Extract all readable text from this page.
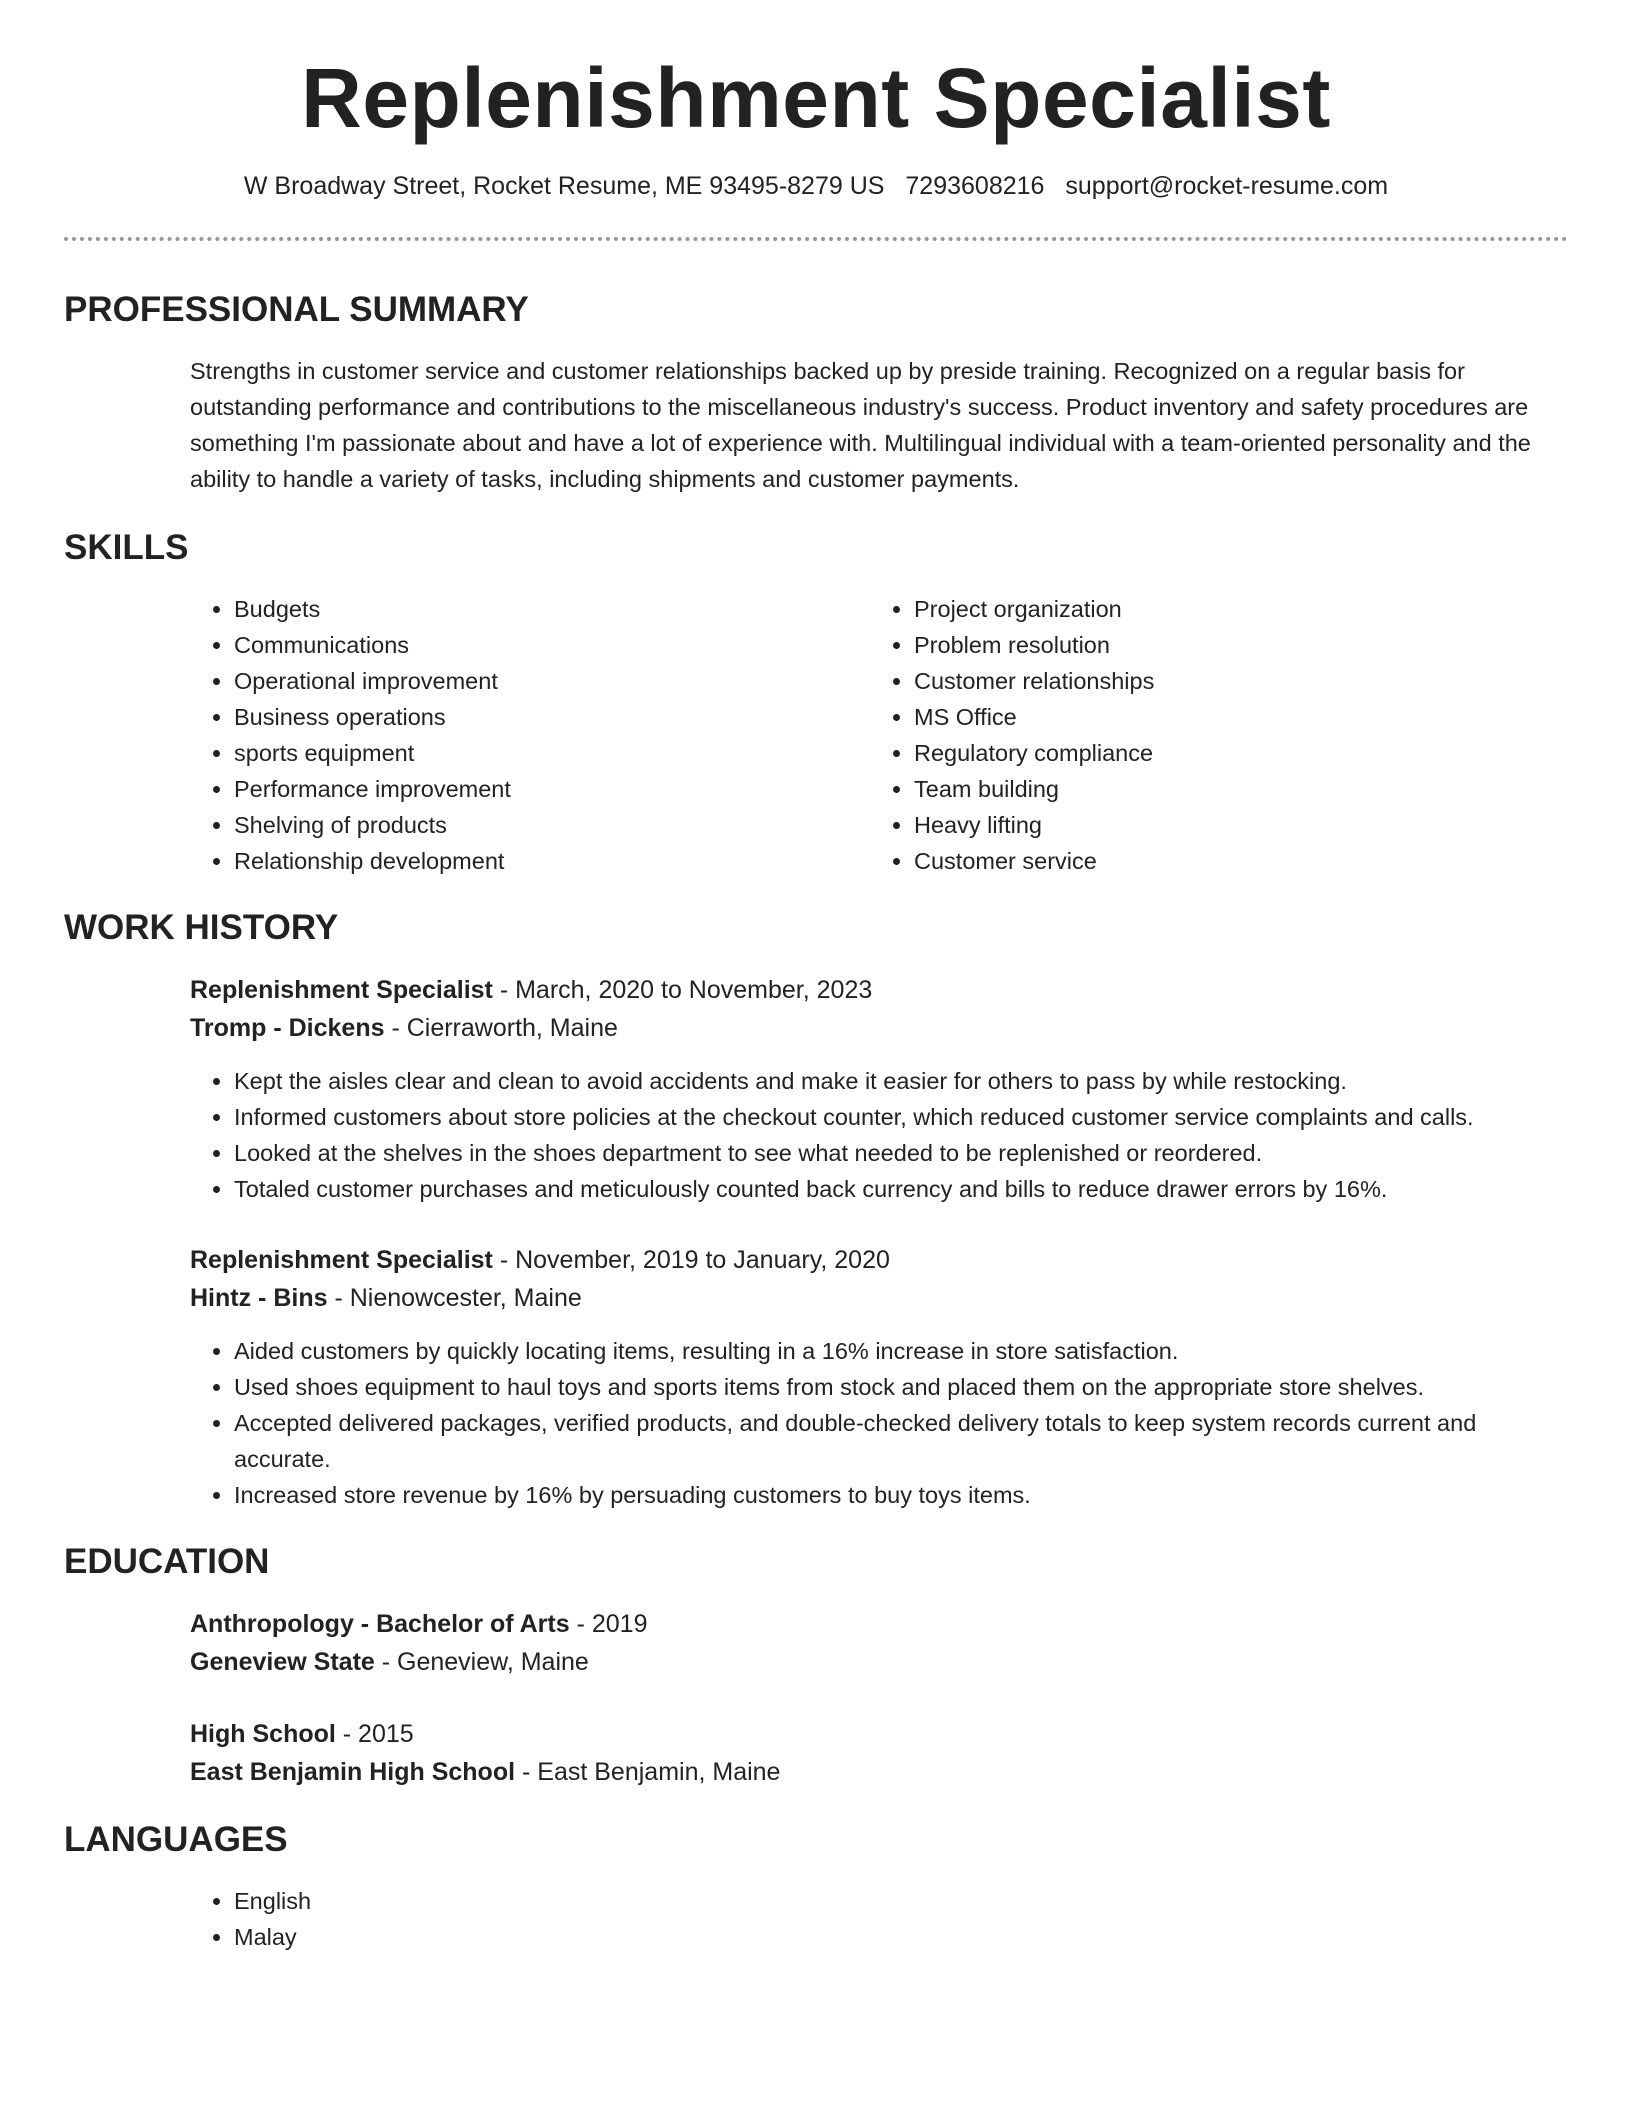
Replenishment Specialist
W Broadway Street, Rocket Resume, ME 93495-8279 US 7293608216 support@rocket-resume.com
PROFESSIONAL SUMMARY

Strengths in customer service and customer relationships backed up by preside training. Recognized on a regular basis for outstanding performance and contributions to the miscellaneous industry's success. Product inventory and safety procedures are something I'm passionate about and have a lot of experience with. Multilingual individual with a team-oriented personality and the ability to handle a variety of tasks, including shipments and customer payments.

SKILLS
• Budgets
• Communications
• Operational improvement
• Business operations
• sports equipment
• Performance improvement
• Shelving of products
• Relationship development
• Project organization
• Problem resolution
• Customer relationships
• MS Office
• Regulatory compliance
• Team building
• Heavy lifting
• Customer service
WORK HISTORY
Replenishment Specialist - March, 2020 to November, 2023
Tromp - Dickens - Cierraworth, Maine
• Kept the aisles clear and clean to avoid accidents and make it easier for others to pass by while restocking.
• Informed customers about store policies at the checkout counter, which reduced customer service complaints and calls.
• Looked at the shelves in the shoes department to see what needed to be replenished or reordered.
• Totaled customer purchases and meticulously counted back currency and bills to reduce drawer errors by 16%.
Replenishment Specialist - November, 2019 to January, 2020
Hintz - Bins - Nienowcester, Maine
• Aided customers by quickly locating items, resulting in a 16% increase in store satisfaction.
• Used shoes equipment to haul toys and sports items from stock and placed them on the appropriate store shelves.
• Accepted delivered packages, verified products, and double-checked delivery totals to keep system records current and accurate.
• Increased store revenue by 16% by persuading customers to buy toys items.
EDUCATION
Anthropology - Bachelor of Arts - 2019
Geneview State - Geneview, Maine
High School - 2015
East Benjamin High School - East Benjamin, Maine
LANGUAGES
• English
• Malay
